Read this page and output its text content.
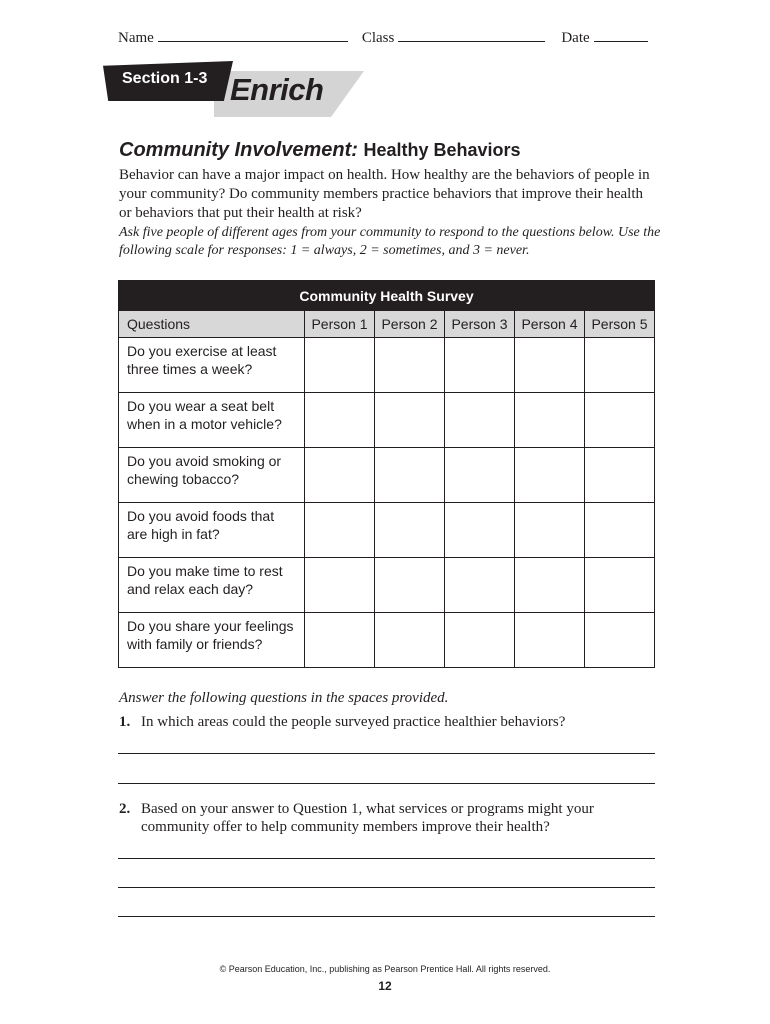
Name	Class	Date
Section 1-3 Enrich
Community Involvement: Healthy Behaviors

Behavior can have a major impact on health. How healthy are the behaviors of people in your community? Do community members practice behaviors that improve their health or behaviors that put their health at risk?

Ask five people of different ages from your community to respond to the questions below. Use the following scale for responses: 1 = always, 2 = sometimes, and 3 = never.

Community Health Survey					
Questions	Person 1	Person 2	Person 3	Person 4	Person 5
Do you exercise at least three times a week?					
Do you wear a seat belt when in a motor vehicle?					
Do you avoid smoking or chewing tobacco?					
Do you avoid foods that are high in fat?					
Do you make time to rest and relax each day?					
Do you share your feelings with family or friends?					
Answer the following questions in the spaces provided.
1. In which areas could the people surveyed practice healthier behaviors?
2. Based on your answer to Question 1, what services or programs might your community offer to help community members improve their health?
© Pearson Education, Inc., publishing as Pearson Prentice Hall. All rights reserved.
12
